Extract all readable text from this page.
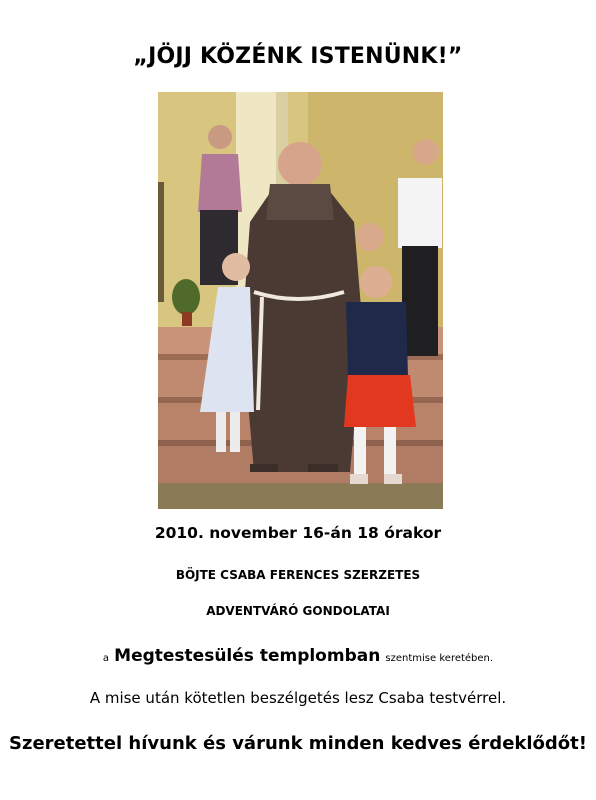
„JÖJJ KÖZÉNK ISTENÜNK!”
2010. november 16-án 18 órakor
BÖJTE CSABA FERENCES SZERZETES
ADVENTVÁRÓ GONDOLATAI
a Megtestesülés templomban szentmise keretében.
A mise után kötetlen beszélgetés lesz Csaba testvérrel.
Szeretettel hívunk és várunk minden kedves érdeklődőt!
